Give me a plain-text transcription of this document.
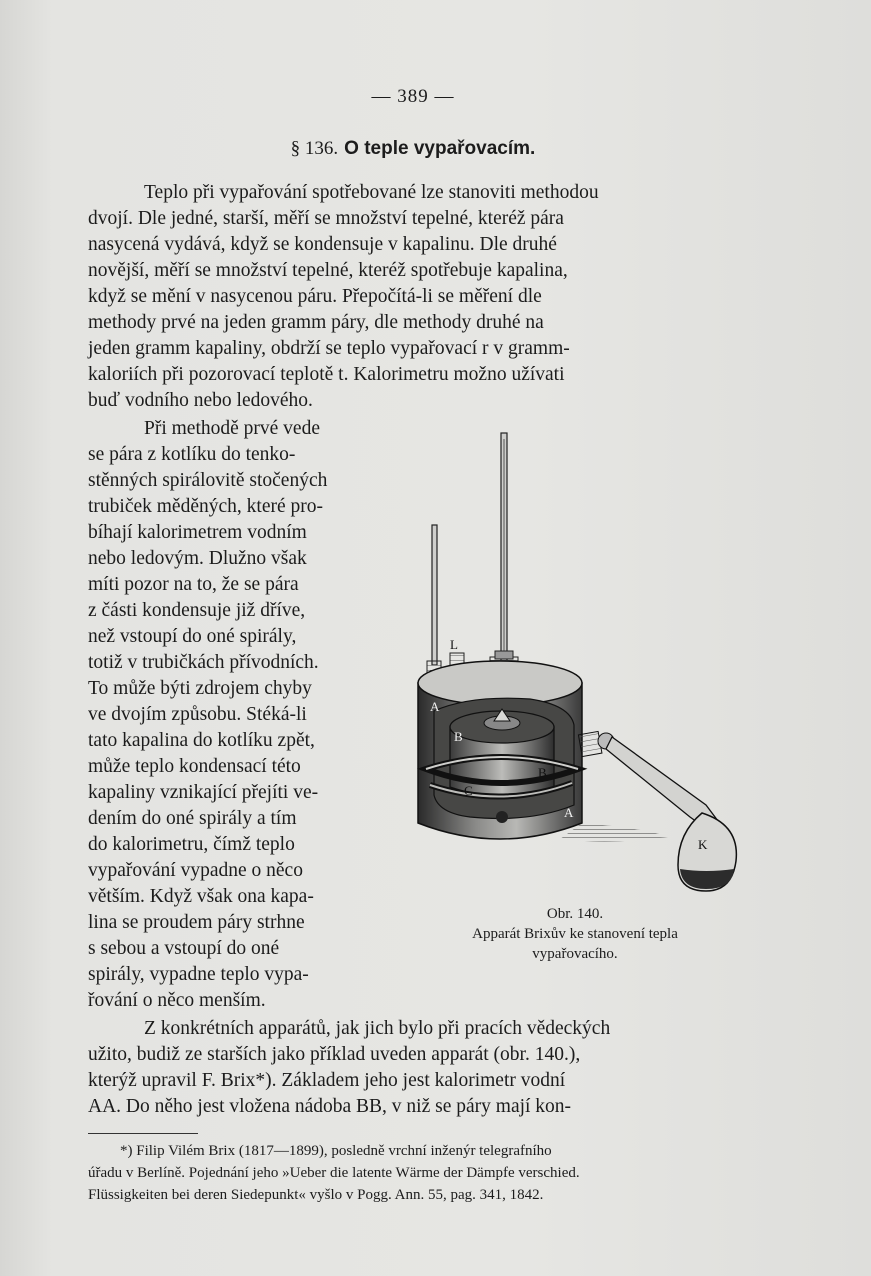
— 389 —
§ 136. O teple vypařovacím.
Teplo při vypařování spotřebované lze stanoviti methodou
dvojí. Dle jedné, starší, měří se množství tepelné, kteréž pára
nasycená vydává, když se kondensuje v kapalinu. Dle druhé
novější, měří se množství tepelné, kteréž spotřebuje kapalina,
když se mění v nasycenou páru. Přepočítá-li se měření dle
methody prvé na jeden gramm páry, dle methody druhé na
jeden gramm kapaliny, obdrží se teplo vypařovací r v gramm-
kaloriích při pozorovací teplotě t. Kalorimetru možno užívati
buď vodního nebo ledového.
Při methodě prvé vede
se pára z kotlíku do tenko-
stěnných spirálovitě stočených
trubiček měděných, které pro-
bíhají kalorimetrem vodním
nebo ledovým. Dlužno však
míti pozor na to, že se pára
z části kondensuje již dříve,
než vstoupí do oné spirály,
totiž v trubičkách přívodních.
To může býti zdrojem chyby
ve dvojím způsobu. Stéká-li
tato kapalina do kotlíku zpět,
může teplo kondensací této
kapaliny vznikající přejíti ve-
dením do oné spirály a tím
do kalorimetru, čímž teplo
vypařování vypadne o něco
větším. Když však ona kapa-
lina se proudem páry strhne
s sebou a vstoupí do oné
spirály, vypadne teplo vypa-
řování o něco menším.
L
A
B
B
C
A
K
Obr. 140.
Apparát Brixův ke stanovení tepla
vypařovacího.
Z konkrétních apparátů, jak jich bylo při pracích vědeckých
užito, budiž ze starších jako příklad uveden apparát (obr. 140.),
kterýž upravil F. Brix*). Základem jeho jest kalorimetr vodní
AA. Do něho jest vložena nádoba BB, v niž se páry mají kon-
*) Filip Vilém Brix (1817—1899), posledně vrchní inženýr telegrafního
úřadu v Berlíně. Pojednání jeho »Ueber die latente Wärme der Dämpfe verschied.
Flüssigkeiten bei deren Siedepunkt« vyšlo v Pogg. Ann. 55, pag. 341, 1842.
